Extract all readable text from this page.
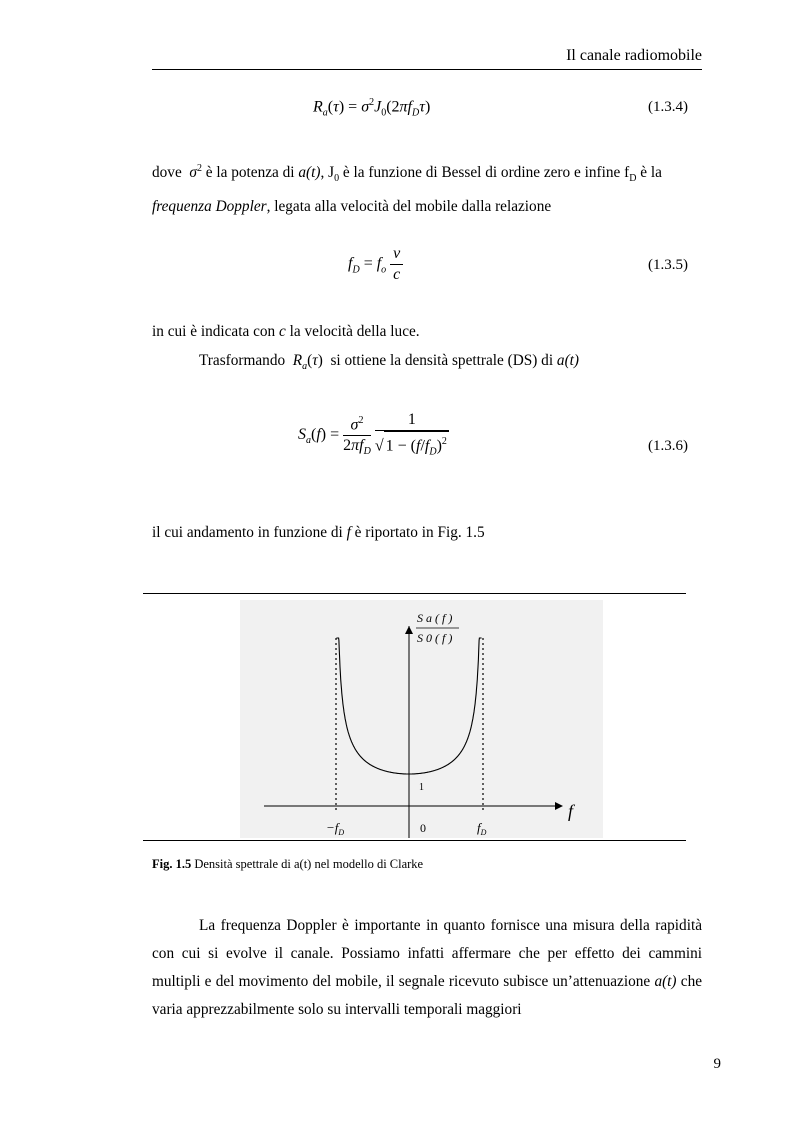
Il canale radiomobile
$R_a(\tau) = \sigma^2J_0(2\pi f_D\tau)$	(1.3.4)
dove $\sigma^2$ è la potenza di a(t), $J_0$ è la funzione di Bessel di ordine zero e infine $f_D$ è la
frequenza Doppler, legata alla velocità del mobile dalla relazione
$f_D = f_o \frac{v}{c}$	(1.3.5)
in cui è indicata con c la velocità della luce.
Trasformando $R_a(\tau)$  si ottiene la densità spettrale (DS) di a(t)
$S_a(f) = \frac{\sigma^2}{2\pi f_D}$
$\frac{1}{√ 1 - (f/f_D)^2}$	(1.3.6)
il cui andamento in funzione di f è riportato in Fig. 1.5
S a ( f )
S 0 ( f )
1
f
$-f_D$	0	$f_D$
Fig. 1.5 Densità spettrale di a(t) nel modello di Clarke
La frequenza Doppler è importante in quanto fornisce una misura della rapidità con cui si evolve il canale. Possiamo infatti affermare che per effetto dei cammini multipli e del movimento del mobile, il segnale ricevuto subisce un’attenuazione a(t) che varia apprezzabilmente solo su intervalli temporali maggiori
9
